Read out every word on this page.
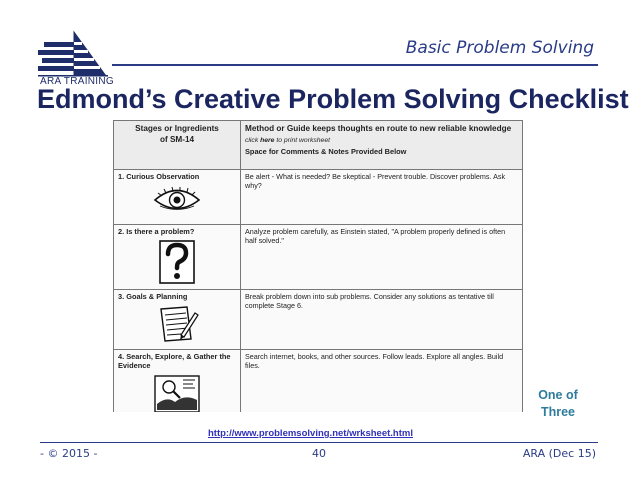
ARA TRAINING
Basic Problem Solving
Edmond’s Creative Problem Solving Checklist
Stages or Ingredients
of SM-14	Method or Guide keeps thoughts en route to new reliable knowledge
click here to print worksheet
Space for Comments & Notes Provided Below

1. Curious Observation	Be alert - What is needed? Be skeptical - Prevent trouble. Discover problems. Ask why?

2. Is there a problem?	Analyze problem carefully, as Einstein stated, "A problem properly defined is often half solved."

3. Goals & Planning	Break problem down into sub problems. Consider any solutions as tentative till complete Stage 6.

4. Search, Explore, & Gather the Evidence	Search internet, books, and other sources. Follow leads. Explore all angles. Build files.
One of
Three
http://www.problemsolving.net/wrksheet.html
- © 2015 -	40	ARA (Dec 15)
